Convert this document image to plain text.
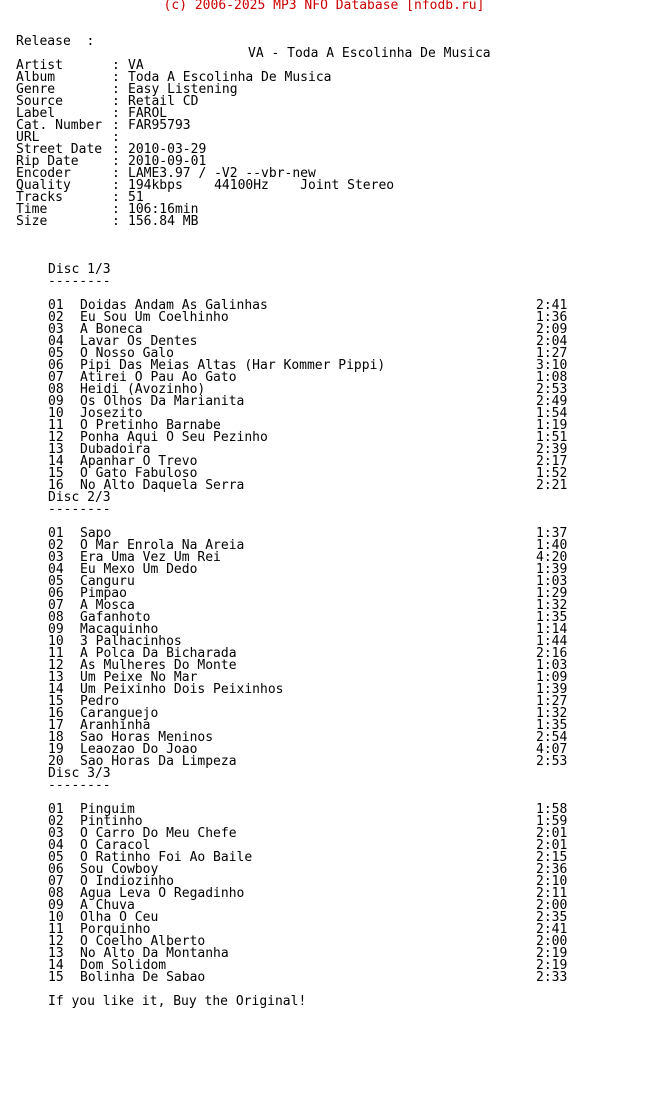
(c) 2006-2025 MP3 NFO Database [nfodb.ru]

Release  :

VA - Toda A Escolinha De Musica

Artist	: VA
Album	: Toda A Escolinha De Musica
Genre	: Easy Listening
Source	: Retail CD
Label	: FAROL
Cat. Number : FAR95793
URL	:
Street Date : 2010-03-29
Rip Date	: 2010-09-01
Encoder	: LAME3.97 / -V2 --vbr-new
Quality	: 194kbps    44100Hz    Joint Stereo
Tracks	: 51
Time	: 106:16min
Size	: 156.84 MB
Disc 1/3
--------
01 Doidas Andam As Galinhas	2:41
02 Eu Sou Um Coelhinho	1:36
03 A Boneca	2:09
04 Lavar Os Dentes	2:04
05 O Nosso Galo	1:27
06 Pipi Das Meias Altas (Har Kommer Pippi)	3:10
07 Atirei O Pau Ao Gato	1:08
08 Heidi (Avozinho)	2:53
09 Os Olhos Da Marianita	2:49
10 Josezito	1:54
11 O Pretinho Barnabe	1:19
12 Ponha Aqui O Seu Pezinho	1:51
13 Dubadoira	2:39
14 Apanhar O Trevo	2:17
15 O Gato Fabuloso	1:52
16 No Alto Daquela Serra	2:21
Disc 2/3
--------
01 Sapo	1:37
02 O Mar Enrola Na Areia	1:40
03 Era Uma Vez Um Rei	4:20
04 Eu Mexo Um Dedo	1:39
05 Canguru	1:03
06 Pimpao	1:29
07 A Mosca	1:32
08 Gafanhoto	1:35
09 Macaquinho	1:14
10 3 Palhacinhos	1:44
11 A Polca Da Bicharada	2:16
12 As Mulheres Do Monte	1:03
13 Um Peixe No Mar	1:09
14 Um Peixinho Dois Peixinhos	1:39
15 Pedro	1:27
16 Caranguejo	1:32
17 Aranhinha	1:35
18 Sao Horas Meninos	2:54
19 Leaozao Do Joao	4:07
20 Sao Horas Da Limpeza	2:53
Disc 3/3
--------
01 Pinguim	1:58
02 Pintinho	1:59
03 O Carro Do Meu Chefe	2:01
04 O Caracol	2:01
05 O Ratinho Foi Ao Baile	2:15
06 Sou Cowboy	2:36
07 O Indiozinho	2:10
08 Agua Leva O Regadinho	2:11
09 A Chuva	2:00
10 Olha O Ceu	2:35
11 Porquinho	2:41
12 O Coelho Alberto	2:00
13 No Alto Da Montanha	2:19
14 Dom Solidom	2:19
15 Bolinha De Sabao	2:33

If you like it, Buy the Original!
